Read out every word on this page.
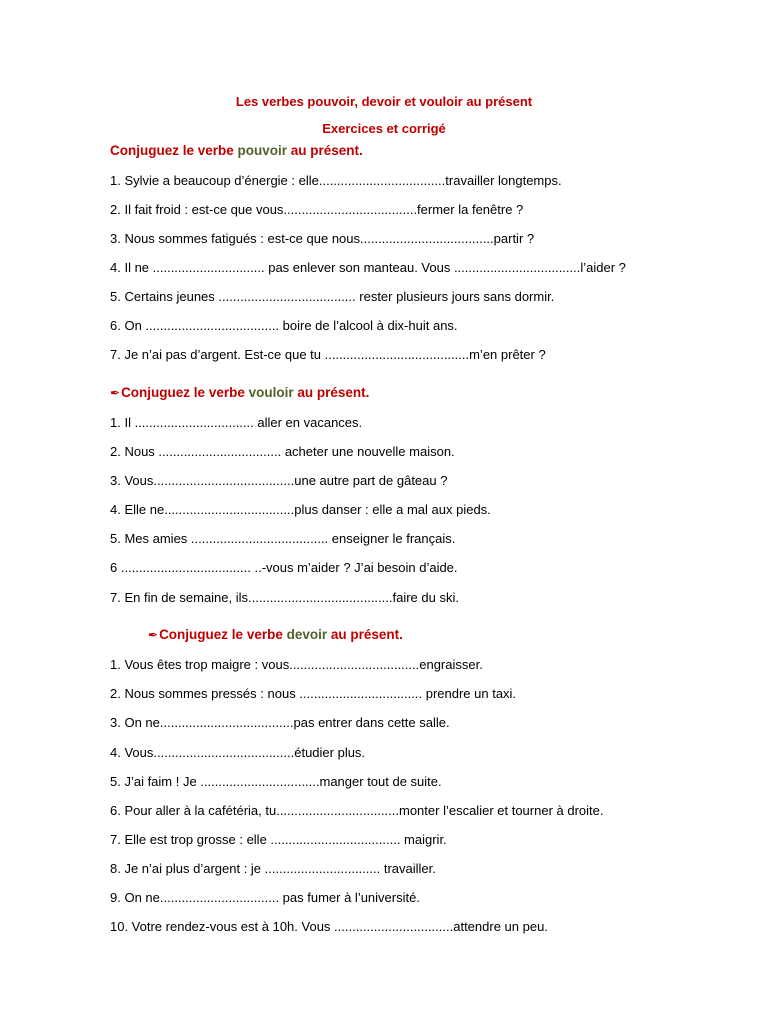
Les verbes pouvoir, devoir et vouloir au présent
Exercices et corrigé
Conjuguez le verbe pouvoir au présent.
1. Sylvie a beaucoup d’énergie : elle...................................travailler longtemps.
2. Il fait froid : est-ce que vous.....................................fermer la fenêtre ?
3. Nous sommes fatigués : est-ce que nous.....................................partir ?
4. Il ne ............................... pas enlever son manteau. Vous ...................................l’aider ?
5. Certains jeunes ...................................... rester plusieurs jours sans dormir.
6. On ..................................... boire de l’alcool à dix-huit ans.
7. Je n’ai pas d’argent. Est-ce que tu ........................................m’en prêter ?
✒Conjuguez le verbe vouloir au présent.
1. Il ................................. aller en vacances.
2. Nous .................................. acheter une nouvelle maison.
3. Vous.......................................une autre part de gâteau ?
4. Elle ne....................................plus danser : elle a mal aux pieds.
5. Mes amies ...................................... enseigner le français.
6 .................................... ..-vous m’aider ? J’ai besoin d’aide.
7. En fin de semaine, ils........................................faire du ski.
✒Conjuguez le verbe devoir au présent.
1. Vous êtes trop maigre : vous....................................engraisser.
2. Nous sommes pressés : nous .................................. prendre un taxi.
3. On ne.....................................pas entrer dans cette salle.
4. Vous.......................................étudier plus.
5. J’ai faim ! Je .................................manger tout de suite.
6. Pour aller à la cafétéria, tu..................................monter l’escalier et tourner à droite.
7. Elle est trop grosse : elle .................................... maigrir.
8. Je n’ai plus d’argent : je ................................ travailler.
9. On ne................................. pas fumer à l’université.
10. Votre rendez-vous est à 10h. Vous .................................attendre un peu.
